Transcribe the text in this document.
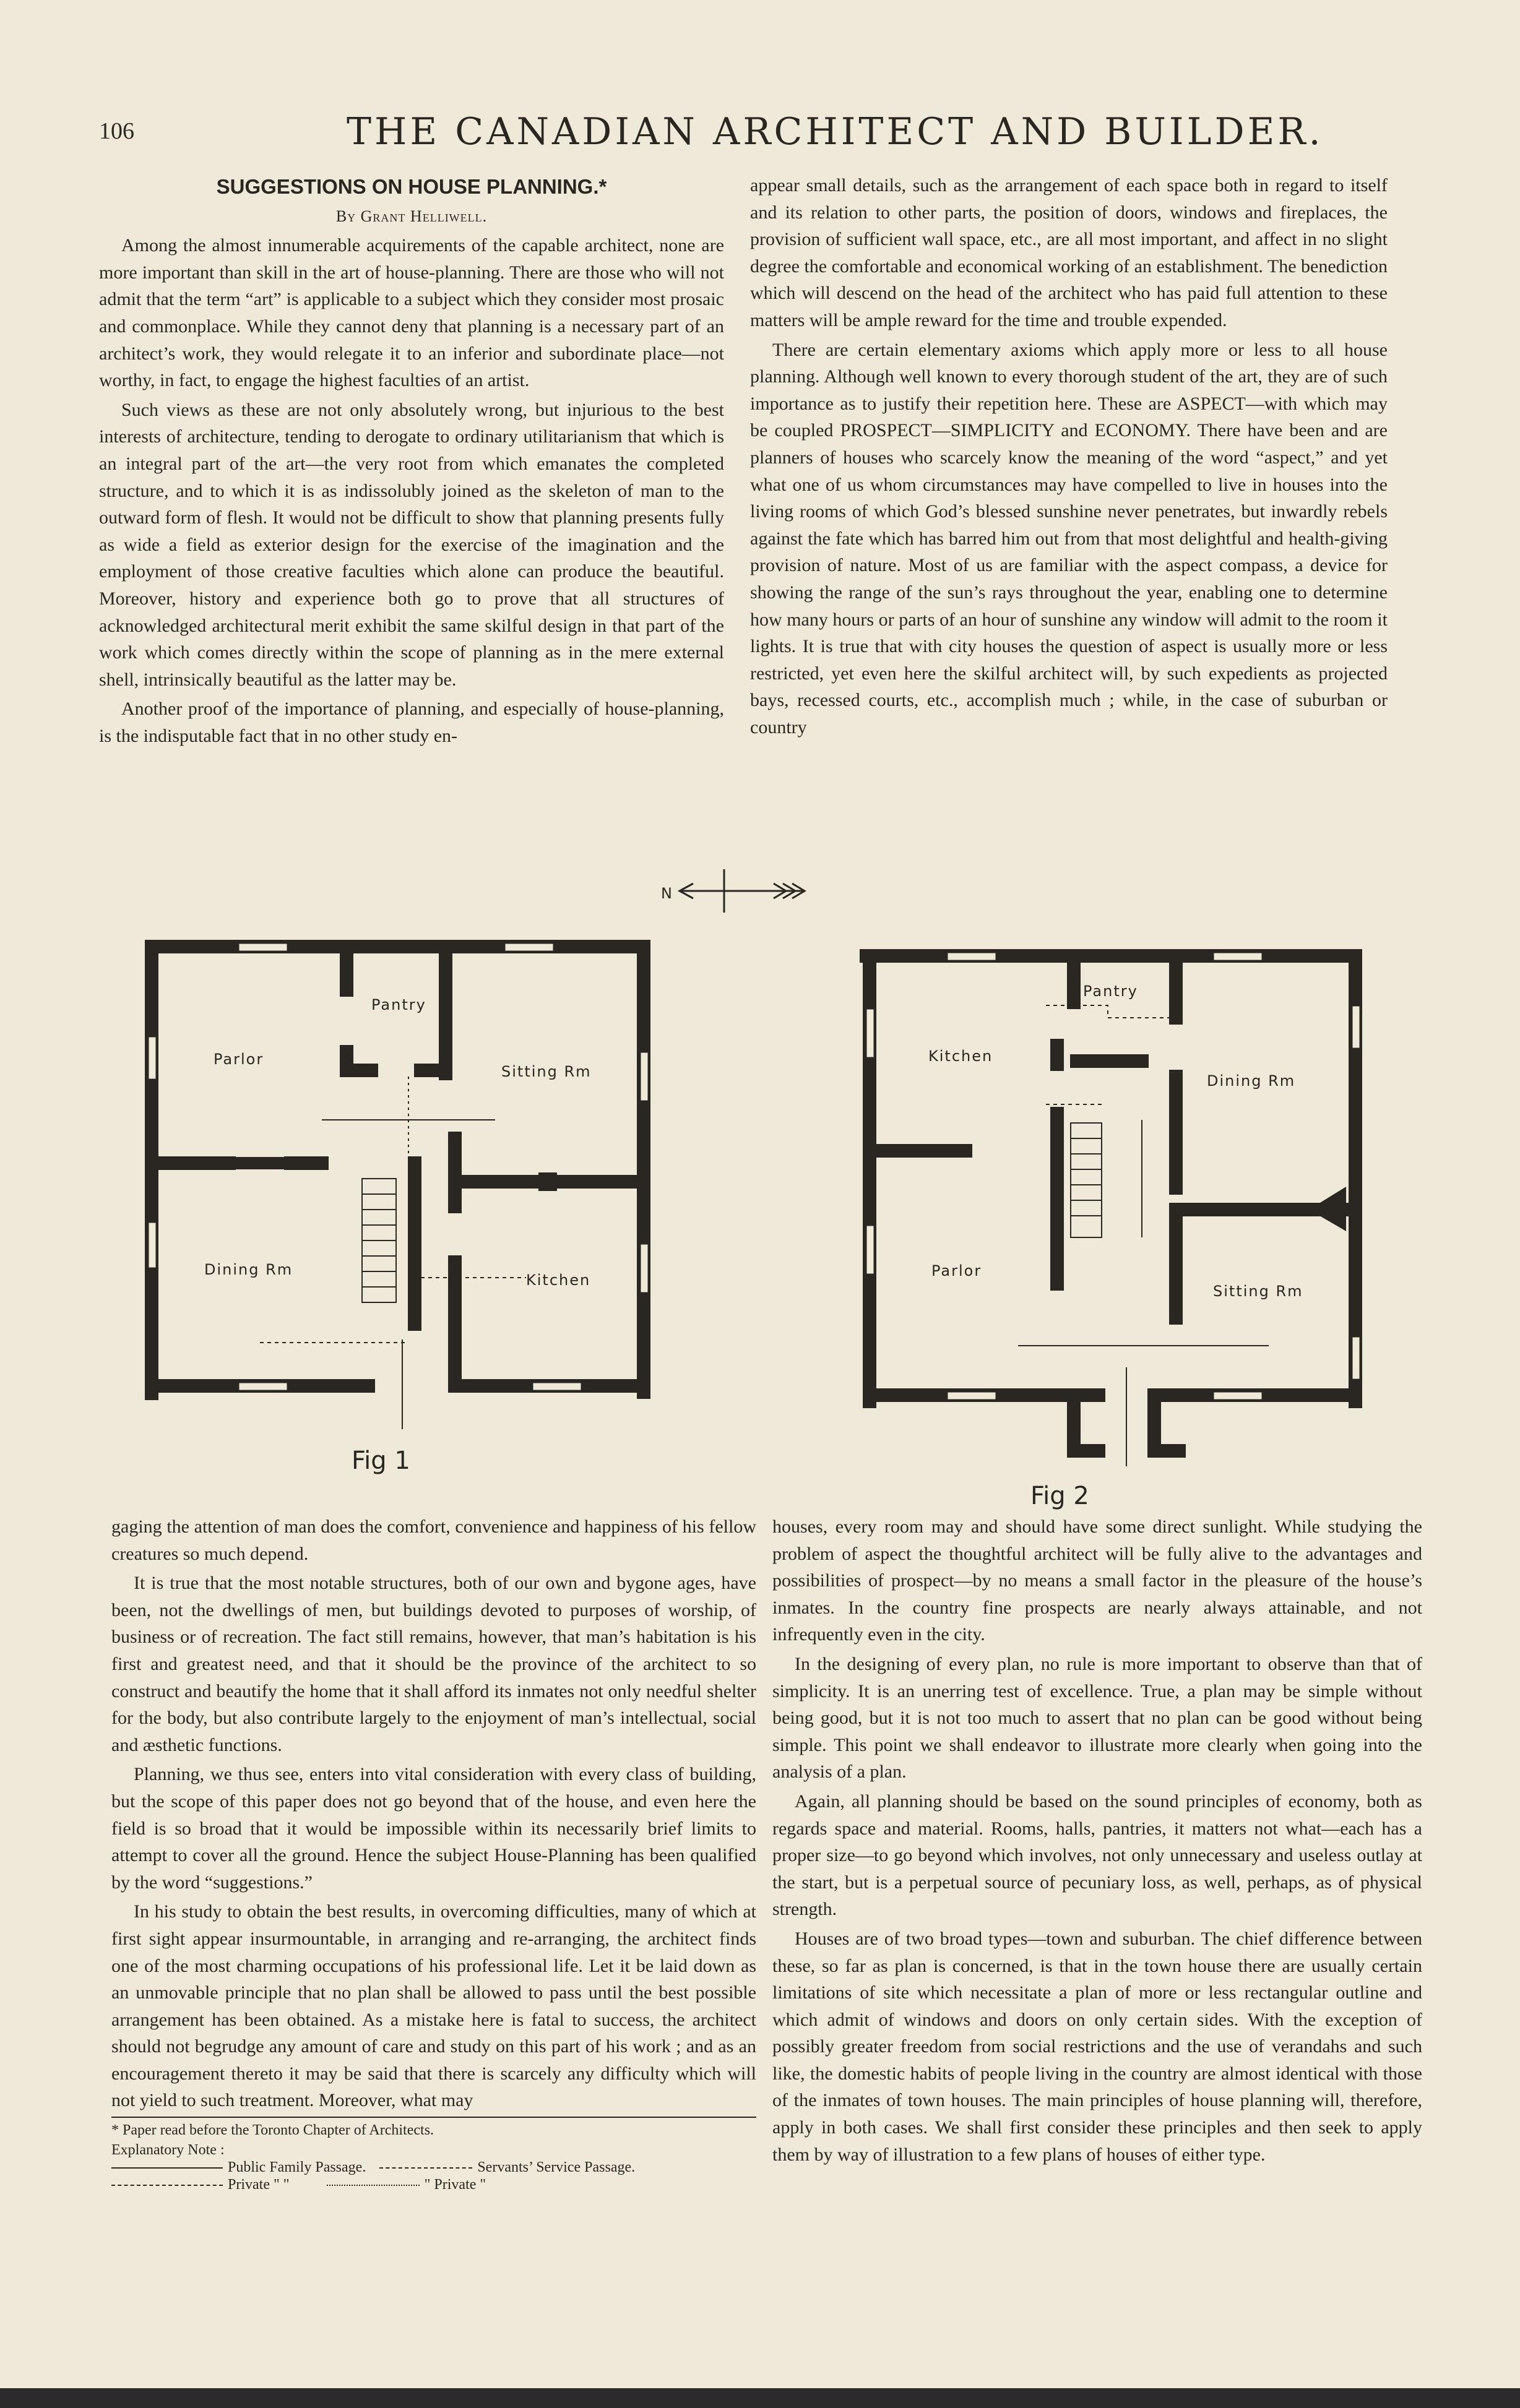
106	THE CANADIAN ARCHITECT AND BUILDER.

SUGGESTIONS ON HOUSE PLANNING.*

By Grant Helliwell.

Among the almost innumerable acquirements of the capable architect, none are more important than skill in the art of house-planning. There are those who will not admit that the term “art” is applicable to a subject which they consider most prosaic and commonplace. While they cannot deny that planning is a necessary part of an architect’s work, they would relegate it to an inferior and subordinate place—not worthy, in fact, to engage the highest faculties of an artist.

Such views as these are not only absolutely wrong, but injurious to the best interests of architecture, tending to derogate to ordinary utilitarianism that which is an integral part of the art—the very root from which emanates the completed structure, and to which it is as indissolubly joined as the skeleton of man to the outward form of flesh. It would not be difficult to show that planning presents fully as wide a field as exterior design for the exercise of the imagination and the employment of those creative faculties which alone can produce the beautiful. Moreover, history and experience both go to prove that all structures of acknowledged architectural merit exhibit the same skilful design in that part of the work which comes directly within the scope of planning as in the mere external shell, intrinsically beautiful as the latter may be.

Another proof of the importance of planning, and especially of house-planning, is the indisputable fact that in no other study en-

appear small details, such as the arrangement of each space both in regard to itself and its relation to other parts, the position of doors, windows and fireplaces, the provision of sufficient wall space, etc., are all most important, and affect in no slight degree the comfortable and economical working of an establishment. The benediction which will descend on the head of the architect who has paid full attention to these matters will be ample reward for the time and trouble expended.

There are certain elementary axioms which apply more or less to all house planning. Although well known to every thorough student of the art, they are of such importance as to justify their repetition here. These are ASPECT—with which may be coupled PROSPECT—SIMPLICITY and ECONOMY. There have been and are planners of houses who scarcely know the meaning of the word “aspect,” and yet what one of us whom circumstances may have compelled to live in houses into the living rooms of which God’s blessed sunshine never penetrates, but inwardly rebels against the fate which has barred him out from that most delightful and health-giving provision of nature. Most of us are familiar with the aspect compass, a device for showing the range of the sun’s rays throughout the year, enabling one to determine how many hours or parts of an hour of sunshine any window will admit to the room it lights. It is true that with city houses the question of aspect is usually more or less restricted, yet even here the skilful architect will, by such expedients as projected bays, recessed courts, etc., accomplish much ; while, in the case of suburban or country

N
Pantry
Parlor
Sitting Rm
Dining Rm
Kitchen
Pantry
Kitchen
Dining Rm
Parlor
Sitting Rm
Fig 1
Fig 2

gaging the attention of man does the comfort, convenience and happiness of his fellow creatures so much depend.

It is true that the most notable structures, both of our own and bygone ages, have been, not the dwellings of men, but buildings devoted to purposes of worship, of business or of recreation. The fact still remains, however, that man’s habitation is his first and greatest need, and that it should be the province of the architect to so construct and beautify the home that it shall afford its inmates not only needful shelter for the body, but also contribute largely to the enjoyment of man’s intellectual, social and æsthetic functions.

Planning, we thus see, enters into vital consideration with every class of building, but the scope of this paper does not go beyond that of the house, and even here the field is so broad that it would be impossible within its necessarily brief limits to attempt to cover all the ground. Hence the subject House-Planning has been qualified by the word “suggestions.”

In his study to obtain the best results, in overcoming difficulties, many of which at first sight appear insurmountable, in arranging and re-arranging, the architect finds one of the most charming occupations of his professional life. Let it be laid down as an unmovable principle that no plan shall be allowed to pass until the best possible arrangement has been obtained. As a mistake here is fatal to success, the architect should not begrudge any amount of care and study on this part of his work ; and as an encouragement thereto it may be said that there is scarcely any difficulty which will not yield to such treatment. Moreover, what may

* Paper read before the Toronto Chapter of Architects.

Explanatory Note :
Public Family Passage.	Servants’ Service Passage.
Private " "	" Private "

houses, every room may and should have some direct sunlight. While studying the problem of aspect the thoughtful architect will be fully alive to the advantages and possibilities of prospect—by no means a small factor in the pleasure of the house’s inmates. In the country fine prospects are nearly always attainable, and not infrequently even in the city.

In the designing of every plan, no rule is more important to observe than that of simplicity. It is an unerring test of excellence. True, a plan may be simple without being good, but it is not too much to assert that no plan can be good without being simple. This point we shall endeavor to illustrate more clearly when going into the analysis of a plan.

Again, all planning should be based on the sound principles of economy, both as regards space and material. Rooms, halls, pantries, it matters not what—each has a proper size—to go beyond which involves, not only unnecessary and useless outlay at the start, but is a perpetual source of pecuniary loss, as well, perhaps, as of physical strength.

Houses are of two broad types—town and suburban. The chief difference between these, so far as plan is concerned, is that in the town house there are usually certain limitations of site which necessitate a plan of more or less rectangular outline and which admit of windows and doors on only certain sides. With the exception of possibly greater freedom from social restrictions and the use of verandahs and such like, the domestic habits of people living in the country are almost identical with those of the inmates of town houses. The main principles of house planning will, therefore, apply in both cases. We shall first consider these principles and then seek to apply them by way of illustration to a few plans of houses of either type.
